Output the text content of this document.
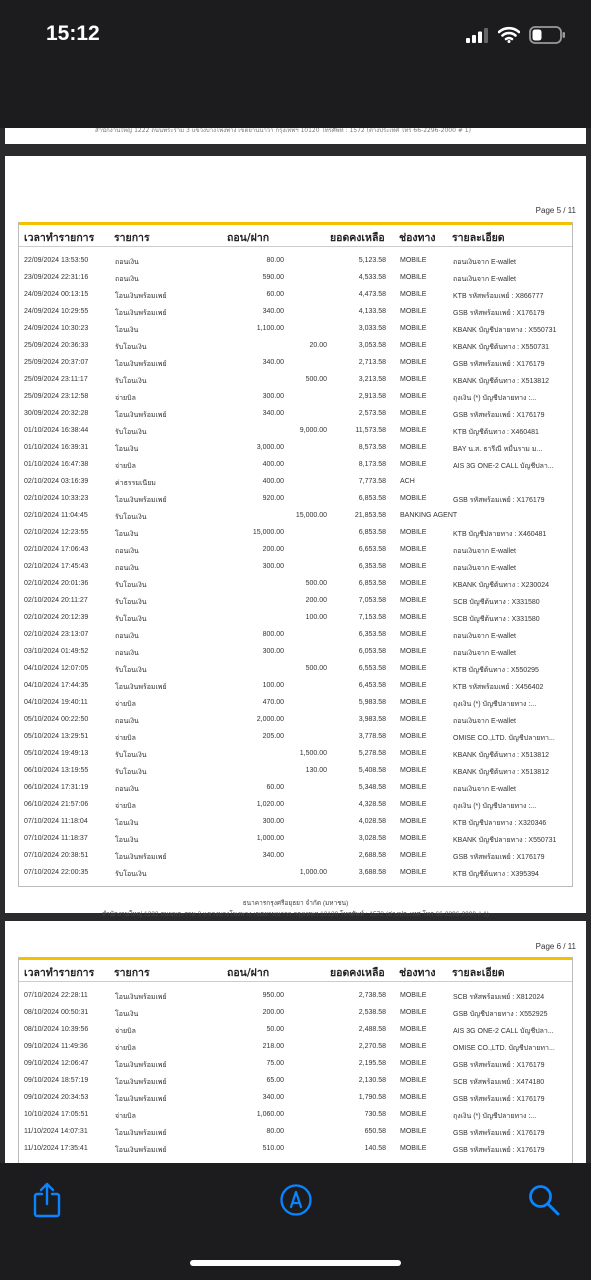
15:12
สำนักงานใหญ่ 1222 ถนนพระราม 3 แขวงบางโพงพาง เขตยานนาวา กรุงเทพฯ 10120 โทรศัพท์ : 1572 (ต่างประเทศ โทร 66-2296-2000 # 1)
Page 5 / 11
เวลาทำรายการ รายการ	ถอน/ฝาก	ยอดคงเหลือ ช่องทาง รายละเอียด
22/09/2024 13:53:50	ถอนเงิน	80.00	5,123.58 MOBILE	ถอนเงินจาก E-wallet
23/09/2024 22:31:16	ถอนเงิน	590.00	4,533.58 MOBILE	ถอนเงินจาก E-wallet
24/09/2024 00:13:15	โอนเงินพร้อมเพย์	60.00	4,473.58 MOBILE	KTB รหัสพร้อมเพย์ : X866777
24/09/2024 10:29:55	โอนเงินพร้อมเพย์	340.00	4,133.58 MOBILE	GSB รหัสพร้อมเพย์ : X176179
24/09/2024 10:30:23	โอนเงิน	1,100.00	3,033.58 MOBILE	KBANK บัญชีปลายทาง : X550731
25/09/2024 20:36:33	รับโอนเงิน	20.00	3,053.58 MOBILE	KBANK บัญชีต้นทาง : X550731
25/09/2024 20:37:07	โอนเงินพร้อมเพย์	340.00	2,713.58 MOBILE	GSB รหัสพร้อมเพย์ : X176179
25/09/2024 23:11:17	รับโอนเงิน	500.00	3,213.58 MOBILE	KBANK บัญชีต้นทาง : X513812
25/09/2024 23:12:58	จ่ายบิล	300.00	2,913.58 MOBILE	ถุงเงิน (*) บัญชีปลายทาง :...
30/09/2024 20:32:28	โอนเงินพร้อมเพย์	340.00	2,573.58 MOBILE	GSB รหัสพร้อมเพย์ : X176179
01/10/2024 16:38:44	รับโอนเงิน	9,000.00	11,573.58 MOBILE	KTB บัญชีต้นทาง : X460481
01/10/2024 16:39:31	โอนเงิน	3,000.00	8,573.58 MOBILE	BAY น.ส. ธารีณี หมื่นราม ม...
01/10/2024 16:47:38	จ่ายบิล	400.00	8,173.58 MOBILE	AIS 3G ONE-2 CALL บัญชีปลา...
02/10/2024 03:16:39	ค่าธรรมเนียม	400.00	7,773.58 ACH
02/10/2024 10:33:23	โอนเงินพร้อมเพย์	920.00	6,853.58 MOBILE	GSB รหัสพร้อมเพย์ : X176179
02/10/2024 11:04:45	รับโอนเงิน	15,000.00	21,853.58 BANKING AGENT
02/10/2024 12:23:55	โอนเงิน	15,000.00	6,853.58 MOBILE	KTB บัญชีปลายทาง : X460481
02/10/2024 17:06:43	ถอนเงิน	200.00	6,653.58 MOBILE	ถอนเงินจาก E-wallet
02/10/2024 17:45:43	ถอนเงิน	300.00	6,353.58 MOBILE	ถอนเงินจาก E-wallet
02/10/2024 20:01:36	รับโอนเงิน	500.00	6,853.58 MOBILE	KBANK บัญชีต้นทาง : X230024
02/10/2024 20:11:27	รับโอนเงิน	200.00	7,053.58 MOBILE	SCB บัญชีต้นทาง : X331580
02/10/2024 20:12:39	รับโอนเงิน	100.00	7,153.58 MOBILE	SCB บัญชีต้นทาง : X331580
02/10/2024 23:13:07	ถอนเงิน	800.00	6,353.58 MOBILE	ถอนเงินจาก E-wallet
03/10/2024 01:49:52	ถอนเงิน	300.00	6,053.58 MOBILE	ถอนเงินจาก E-wallet
04/10/2024 12:07:05	รับโอนเงิน	500.00	6,553.58 MOBILE	KTB บัญชีต้นทาง : X550295
04/10/2024 17:44:35	โอนเงินพร้อมเพย์	100.00	6,453.58 MOBILE	KTB รหัสพร้อมเพย์ : X456402
04/10/2024 19:40:11	จ่ายบิล	470.00	5,983.58 MOBILE	ถุงเงิน (*) บัญชีปลายทาง :...
05/10/2024 00:22:50	ถอนเงิน	2,000.00	3,983.58 MOBILE	ถอนเงินจาก E-wallet
05/10/2024 13:29:51	จ่ายบิล	205.00	3,778.58 MOBILE	OMISE CO.,LTD. บัญชีปลายทา...
05/10/2024 19:49:13	รับโอนเงิน	1,500.00	5,278.58 MOBILE	KBANK บัญชีต้นทาง : X513812
06/10/2024 13:19:55	รับโอนเงิน	130.00	5,408.58 MOBILE	KBANK บัญชีต้นทาง : X513812
06/10/2024 17:31:19	ถอนเงิน	60.00	5,348.58 MOBILE	ถอนเงินจาก E-wallet
06/10/2024 21:57:06	จ่ายบิล	1,020.00	4,328.58 MOBILE	ถุงเงิน (*) บัญชีปลายทาง :...
07/10/2024 11:18:04	โอนเงิน	300.00	4,028.58 MOBILE	KTB บัญชีปลายทาง : X320346
07/10/2024 11:18:37	โอนเงิน	1,000.00	3,028.58 MOBILE	KBANK บัญชีปลายทาง : X550731
07/10/2024 20:38:51	โอนเงินพร้อมเพย์	340.00	2,688.58 MOBILE	GSB รหัสพร้อมเพย์ : X176179
07/10/2024 22:00:35	รับโอนเงิน	1,000.00	3,688.58 MOBILE	KTB บัญชีต้นทาง : X395394
ธนาคารกรุงศรีอยุธยา จำกัด (มหาชน)
สำนักงานใหญ่ 1222 ถนนพระราม 3 แขวงบางโพงพาง เขตยานนาวา กรุงเทพฯ 10120 โทรศัพท์ : 1572 (ต่างประเทศ โทร 66-2296-2000 # 1)
Page 6 / 11
เวลาทำรายการ รายการ	ถอน/ฝาก	ยอดคงเหลือ ช่องทาง รายละเอียด
07/10/2024 22:28:11	โอนเงินพร้อมเพย์	950.00	2,738.58 MOBILE	SCB รหัสพร้อมเพย์ : X812024
08/10/2024 00:50:31	โอนเงิน	200.00	2,538.58 MOBILE	GSB บัญชีปลายทาง : X552925
08/10/2024 10:39:56	จ่ายบิล	50.00	2,488.58 MOBILE	AIS 3G ONE-2 CALL บัญชีปลา...
09/10/2024 11:49:36	จ่ายบิล	218.00	2,270.58 MOBILE	OMISE CO.,LTD. บัญชีปลายทา...
09/10/2024 12:06:47	โอนเงินพร้อมเพย์	75.00	2,195.58 MOBILE	GSB รหัสพร้อมเพย์ : X176179
09/10/2024 18:57:19	โอนเงินพร้อมเพย์	65.00	2,130.58 MOBILE	SCB รหัสพร้อมเพย์ : X474180
09/10/2024 20:34:53	โอนเงินพร้อมเพย์	340.00	1,790.58 MOBILE	GSB รหัสพร้อมเพย์ : X176179
10/10/2024 17:05:51	จ่ายบิล	1,060.00	730.58 MOBILE	ถุงเงิน (*) บัญชีปลายทาง :...
11/10/2024 14:07:31	โอนเงินพร้อมเพย์	80.00	650.58 MOBILE	GSB รหัสพร้อมเพย์ : X176179
11/10/2024 17:35:41	โอนเงินพร้อมเพย์	510.00	140.58 MOBILE	GSB รหัสพร้อมเพย์ : X176179
